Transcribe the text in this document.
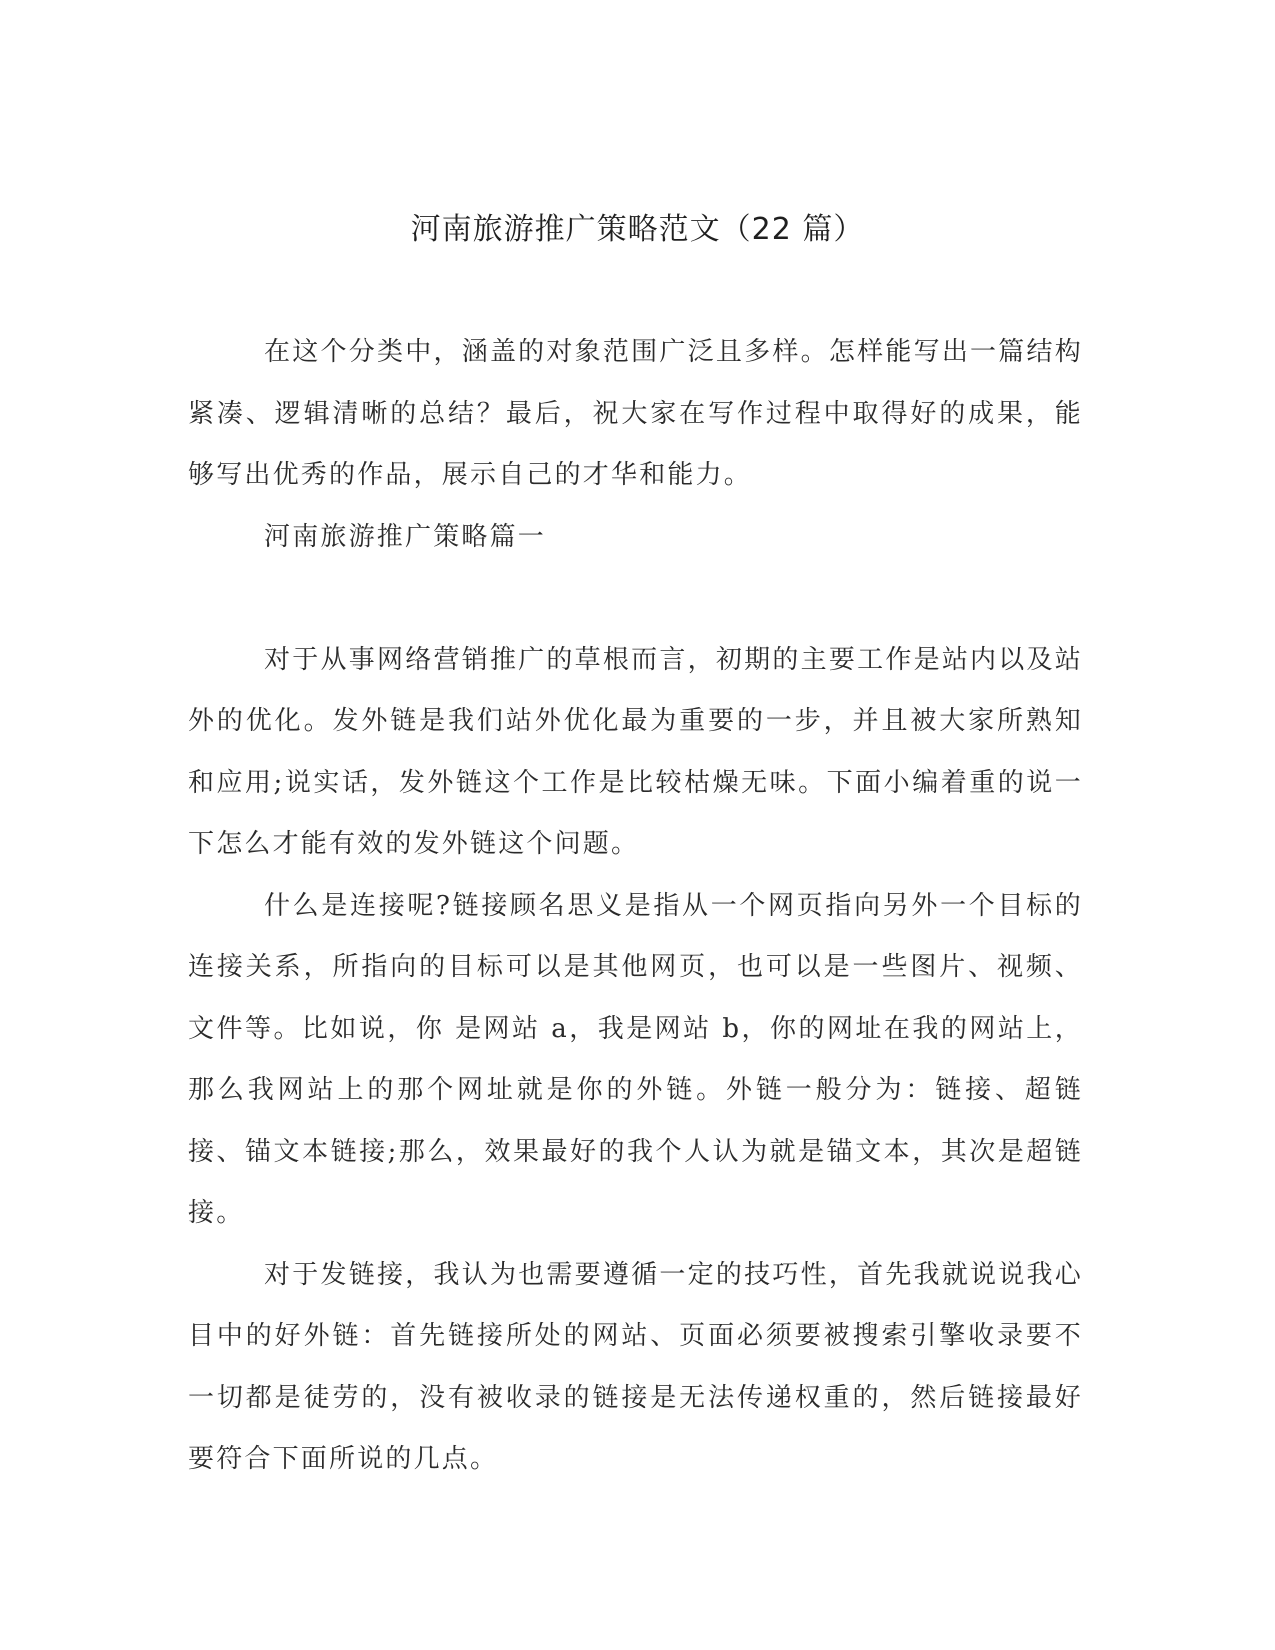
河南旅游推广策略范文（22 篇）

在这个分类中，涵盖的对象范围广泛且多样。怎样能写出一篇结构紧凑、逻辑清晰的总结？最后，祝大家在写作过程中取得好的成果，能够写出优秀的作品，展示自己的才华和能力。

河南旅游推广策略篇一

对于从事网络营销推广的草根而言，初期的主要工作是站内以及站外的优化。发外链是我们站外优化最为重要的一步，并且被大家所熟知和应用;说实话，发外链这个工作是比较枯燥无味。下面小编着重的说一下怎么才能有效的发外链这个问题。

什么是连接呢?链接顾名思义是指从一个网页指向另外一个目标的连接关系，所指向的目标可以是其他网页，也可以是一些图片、视频、文件等。比如说，你 是网站 a，我是网站 b，你的网址在我的网站上，那么我网站上的那个网址就是你的外链。外链一般分为：链接、超链接、锚文本链接;那么，效果最好的我个人认为就是锚文本，其次是超链接。

对于发链接，我认为也需要遵循一定的技巧性，首先我就说说我心目中的好外链：首先链接所处的网站、页面必须要被搜索引擎收录要不一切都是徒劳的，没有被收录的链接是无法传递权重的，然后链接最好要符合下面所说的几点。
